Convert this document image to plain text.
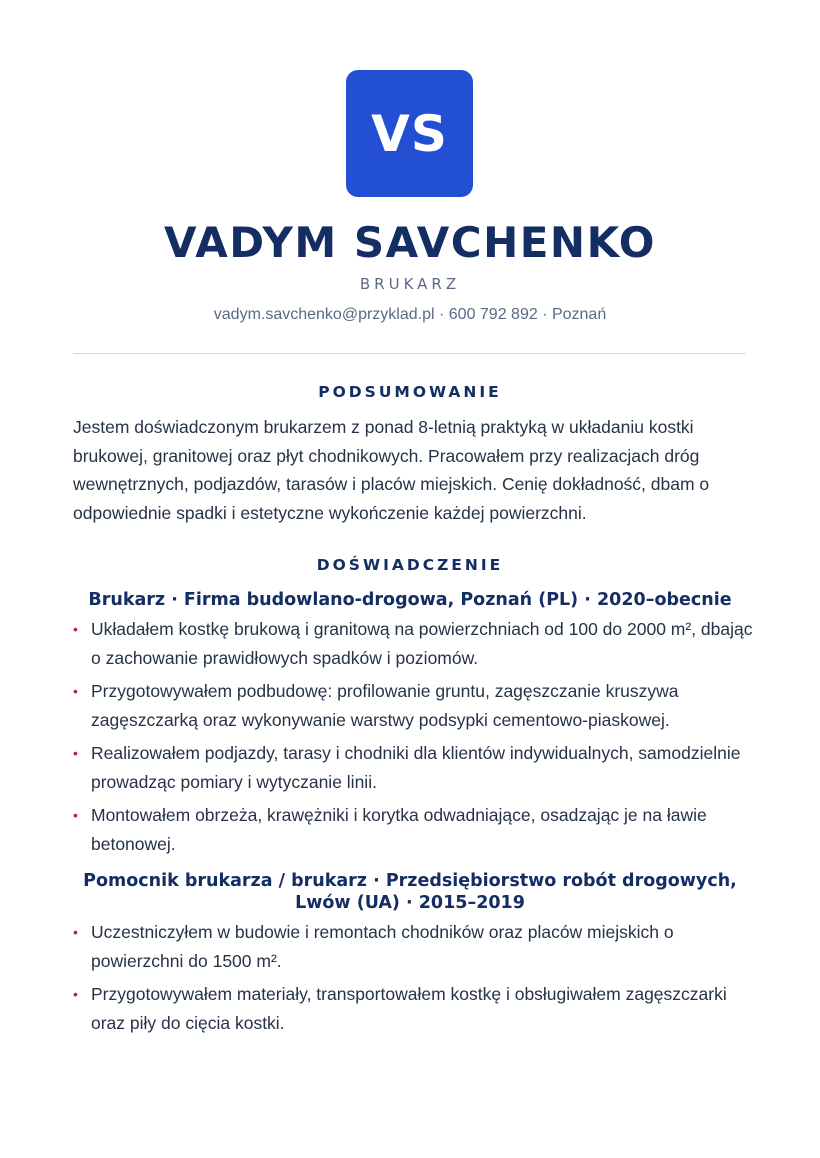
VS
VADYM SAVCHENKO
BRUKARZ
vadym.savchenko@przyklad.pl · 600 792 892 · Poznań
PODSUMOWANIE

Jestem doświadczonym brukarzem z ponad 8-letnią praktyką w układaniu kostki brukowej, granitowej oraz płyt chodnikowych. Pracowałem przy realizacjach dróg wewnętrznych, podjazdów, tarasów i placów miejskich. Cenię dokładność, dbam o odpowiednie spadki i estetyczne wykończenie każdej powierzchni.

DOŚWIADCZENIE

Brukarz · Firma budowlano-drogowa, Poznań (PL) · 2020–obecnie

• Układałem kostkę brukową i granitową na powierzchniach od 100 do 2000 m², dbając o zachowanie prawidłowych spadków i poziomów.
• Przygotowywałem podbudowę: profilowanie gruntu, zagęszczanie kruszywa zagęszczarką oraz wykonywanie warstwy podsypki cementowo-piaskowej.
• Realizowałem podjazdy, tarasy i chodniki dla klientów indywidualnych, samodzielnie prowadząc pomiary i wytyczanie linii.
• Montowałem obrzeża, krawężniki i korytka odwadniające, osadzając je na ławie betonowej.

Pomocnik brukarza / brukarz · Przedsiębiorstwo robót drogowych, Lwów (UA) · 2015–2019

• Uczestniczyłem w budowie i remontach chodników oraz placów miejskich o powierzchni do 1500 m².
• Przygotowywałem materiały, transportowałem kostkę i obsługiwałem zagęszczarki oraz piły do cięcia kostki.
